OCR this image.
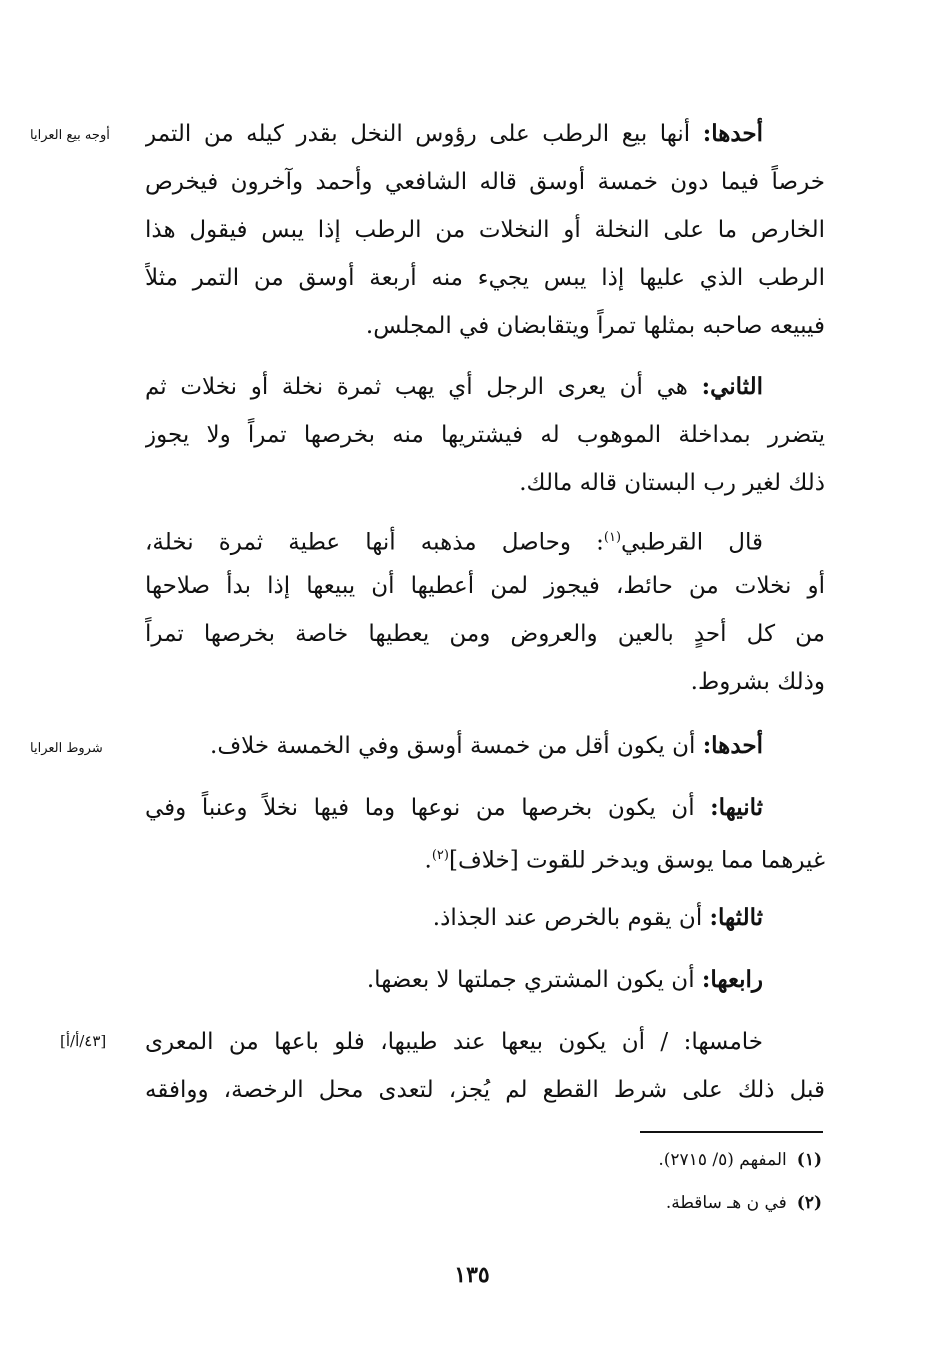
أحدها: أنها بيع الرطب على رؤوس النخل بقدر كيله من التمر
خرصاً فيما دون خمسة أوسق قاله الشافعي وأحمد وآخرون فيخرص
الخارص ما على النخلة أو النخلات من الرطب إذا يبس فيقول هذا
الرطب الذي عليها إذا يبس يجيء منه أربعة أوسق من التمر مثلاً
فيبيعه صاحبه بمثلها تمراً ويتقابضان في المجلس.
الثاني: هي أن يعرى الرجل أي يهب ثمرة نخلة أو نخلات ثم
يتضرر بمداخلة الموهوب له فيشتريها منه بخرصها تمراً ولا يجوز
ذلك لغير رب البستان قاله مالك.
قال القرطبي$^{(١)}$: وحاصل مذهبه أنها عطية ثمرة نخلة،
أو نخلات من حائط، فيجوز لمن أعطيها أن يبيعها إذا بدأ صلاحها
من كل أحدٍ بالعين والعروض ومن يعطيها خاصة بخرصها تمراً
وذلك بشروط.
أحدها: أن يكون أقل من خمسة أوسق وفي الخمسة خلاف.
ثانيها: أن يكون بخرصها من نوعها وما فيها نخلاً وعنباً وفي
غيرهما مما يوسق ويدخر للقوت [خلاف]$^{(٢)}$.
ثالثها: أن يقوم بالخرص عند الجذاذ.
رابعها: أن يكون المشتري جملتها لا بعضها.
خامسها: / أن يكون بيعها عند طيبها، فلو باعها من المعرى
قبل ذلك على شرط القطع لم يُجز، لتعدى محل الرخصة، ووافقه
أوجه بيع العرايا
شروط العرايا
[٤٣/أ/أ]
(١)المفهم (٥/ ٢٧١٥).
(٢)في ن هـ ساقطة.
١٣٥
